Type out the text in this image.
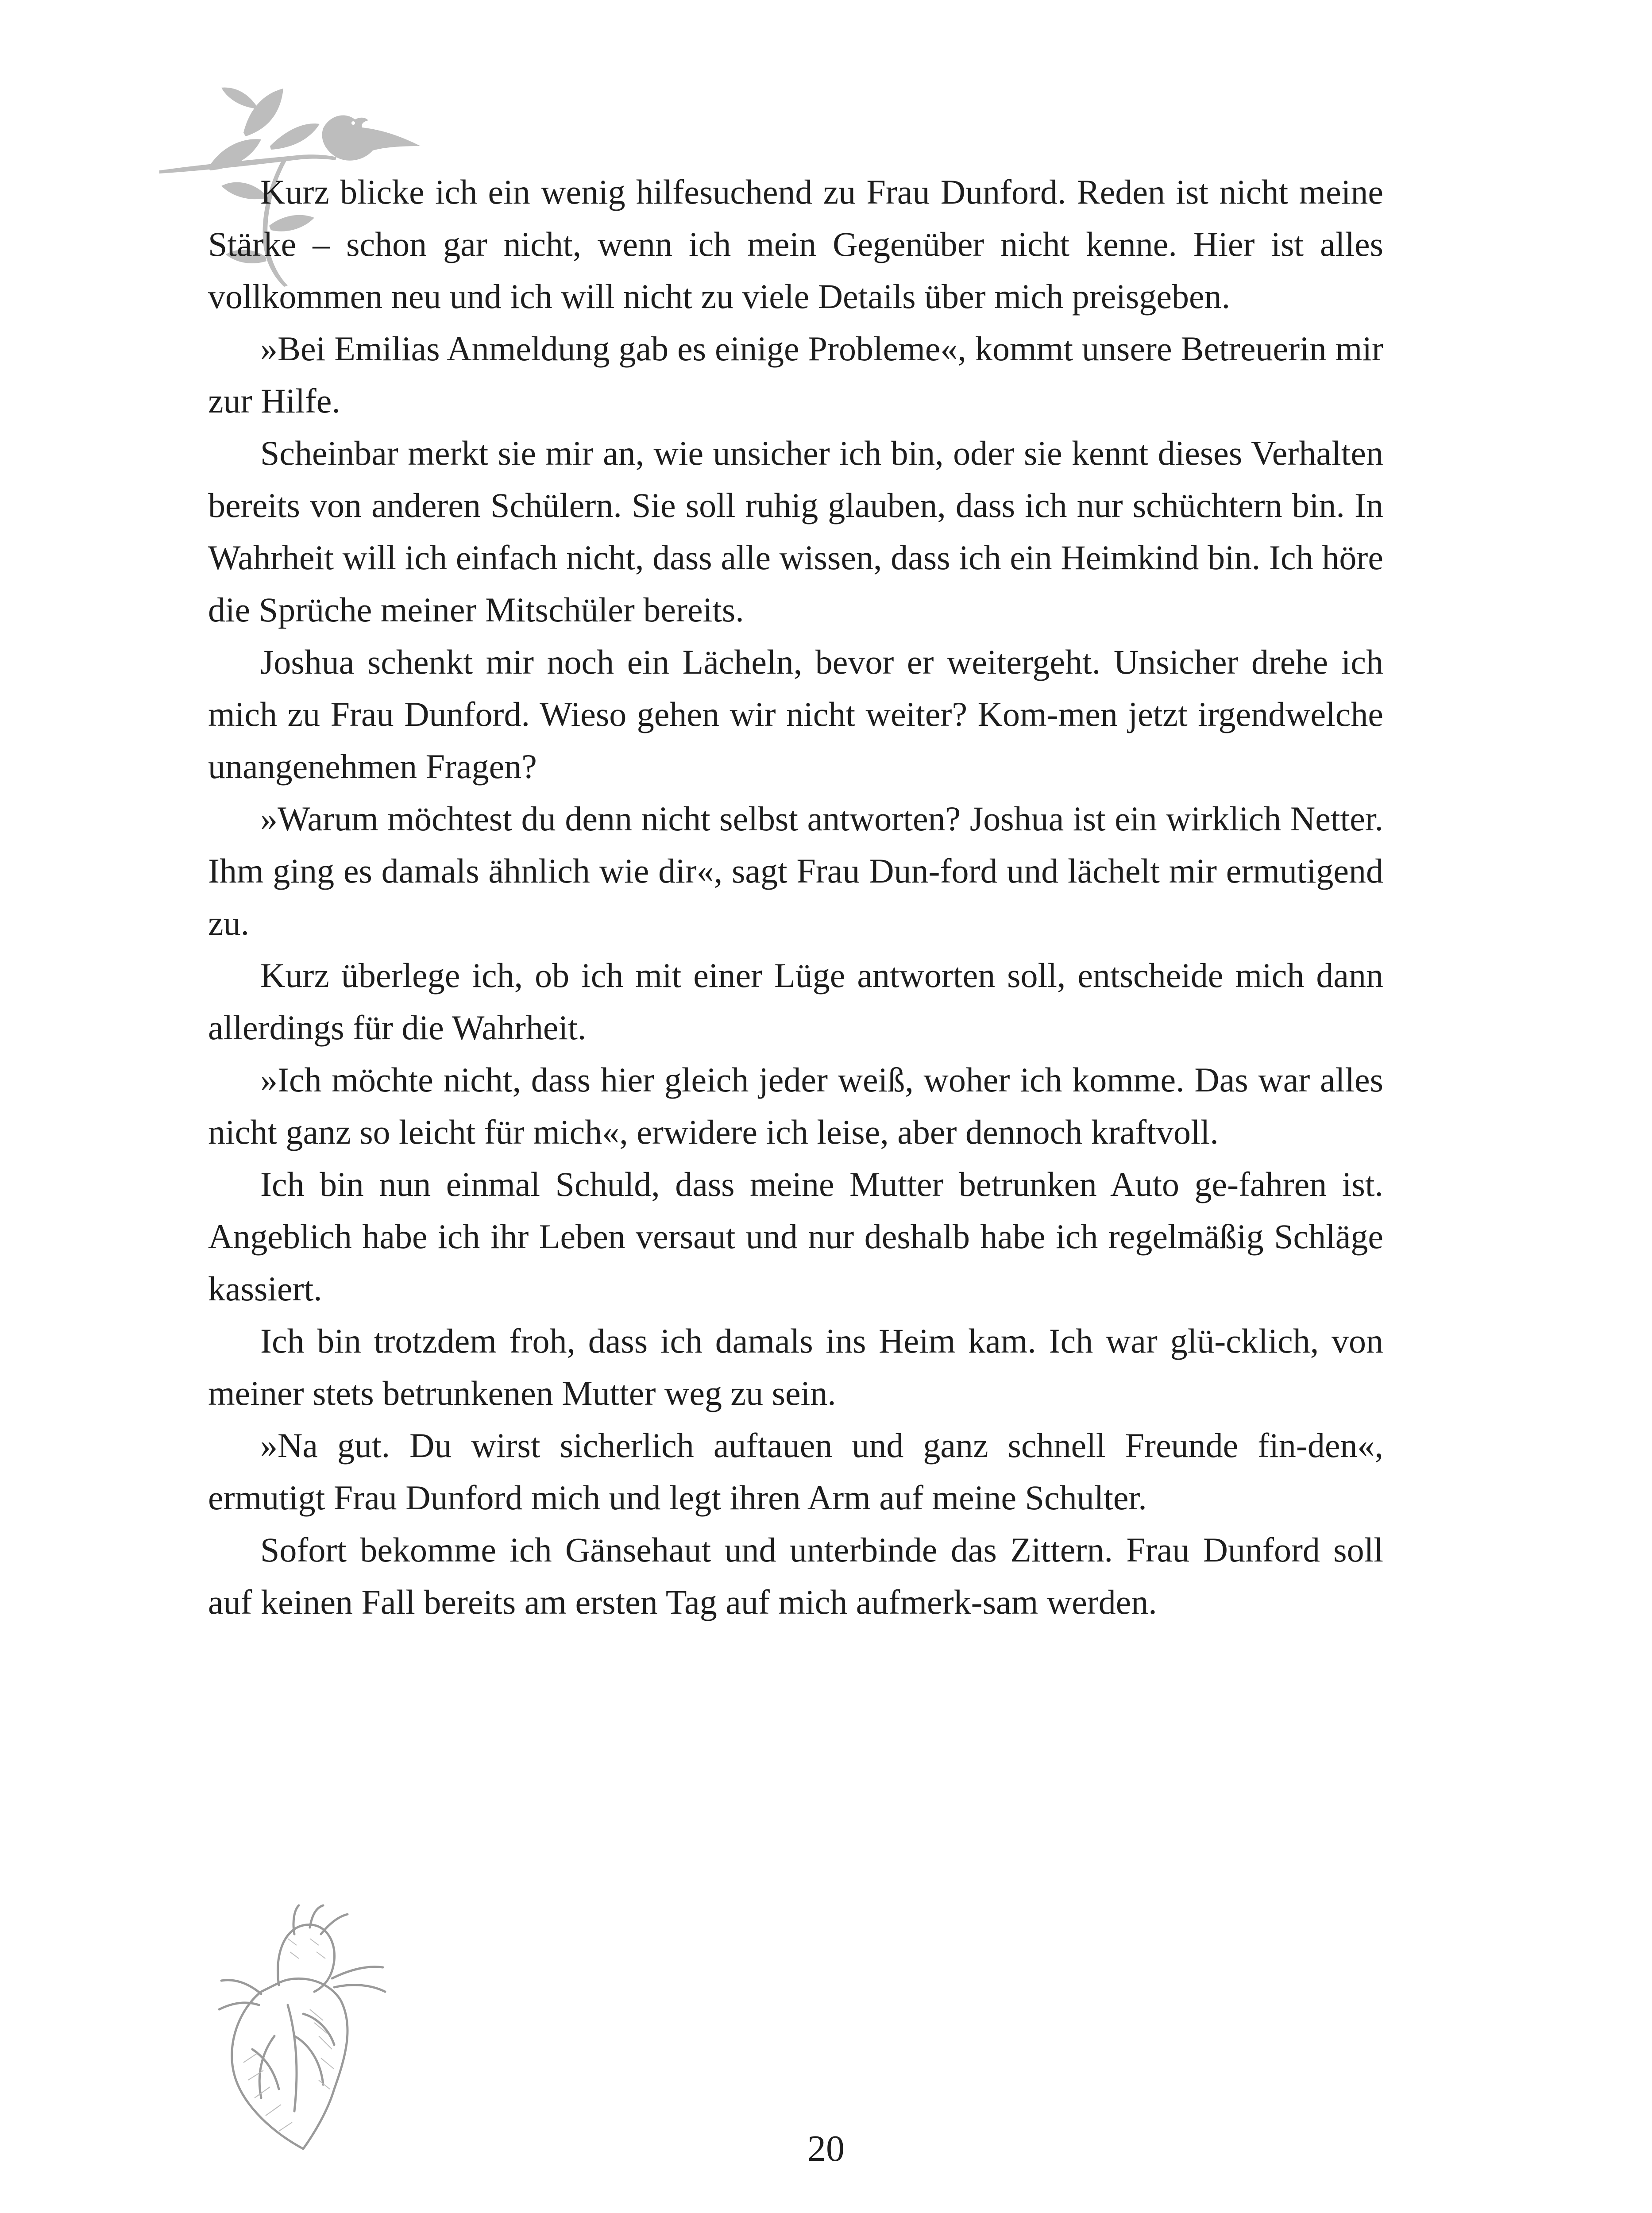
Kurz blicke ich ein wenig hilfesuchend zu Frau Dunford. Reden ist nicht meine Stärke – schon gar nicht, wenn ich mein Gegenüber nicht kenne. Hier ist alles vollkommen neu und ich will nicht zu viele Details über mich preisgeben.

»Bei Emilias Anmeldung gab es einige Probleme«, kommt unsere Betreuerin mir zur Hilfe.

Scheinbar merkt sie mir an, wie unsicher ich bin, oder sie kennt dieses Verhalten bereits von anderen Schülern. Sie soll ruhig glauben, dass ich nur schüchtern bin. In Wahrheit will ich einfach nicht, dass alle wissen, dass ich ein Heimkind bin. Ich höre die Sprüche meiner Mitschüler bereits.

Joshua schenkt mir noch ein Lächeln, bevor er weitergeht. Unsicher drehe ich mich zu Frau Dunford. Wieso gehen wir nicht weiter? Kom-men jetzt irgendwelche unangenehmen Fragen?

»Warum möchtest du denn nicht selbst antworten? Joshua ist ein wirklich Netter. Ihm ging es damals ähnlich wie dir«, sagt Frau Dun-ford und lächelt mir ermutigend zu.

Kurz überlege ich, ob ich mit einer Lüge antworten soll, entscheide mich dann allerdings für die Wahrheit.

»Ich möchte nicht, dass hier gleich jeder weiß, woher ich komme. Das war alles nicht ganz so leicht für mich«, erwidere ich leise, aber dennoch kraftvoll.

Ich bin nun einmal Schuld, dass meine Mutter betrunken Auto ge-fahren ist. Angeblich habe ich ihr Leben versaut und nur deshalb habe ich regelmäßig Schläge kassiert.

Ich bin trotzdem froh, dass ich damals ins Heim kam. Ich war glü-cklich, von meiner stets betrunkenen Mutter weg zu sein.

»Na gut. Du wirst sicherlich auftauen und ganz schnell Freunde fin-den«, ermutigt Frau Dunford mich und legt ihren Arm auf meine Schulter.

Sofort bekomme ich Gänsehaut und unterbinde das Zittern. Frau Dunford soll auf keinen Fall bereits am ersten Tag auf mich aufmerk-sam werden.

20
